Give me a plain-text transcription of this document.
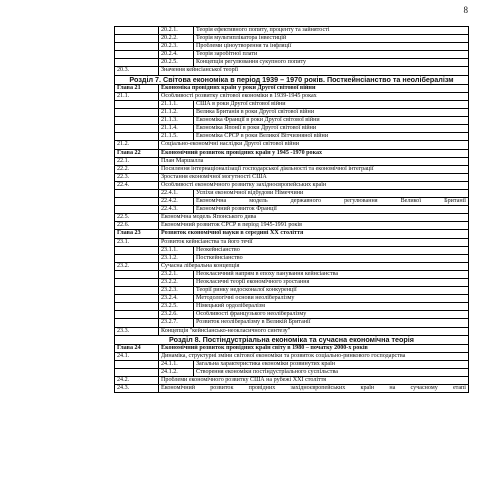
8
	20.2.1.	Теорія ефективного попиту, проценту та зайнятості
	20.2.2.	Теорія мультиплікатора інвестицій
	20.2.3.	Проблеми ціноутворення та інфляції
	20.2.4.	Теорія заробітної плати
	20.2.5.	Концепція регулювання сукупного попиту
20.3.	Значення кейнсіанської теорії	
Розділ 7. Світова економіка в період 1939 – 1970 років. Посткейнсіанство та неолібералізм		
Глава 21	Економіка провідних країн у роки Другої світової війни	
21.1.	Особливості розвитку світової економіки в 1939-1945 роках	
	21.1.1.	США в роки Другої світової війни
	21.1.2.	Велика Британія в роки Другої світової війни
	21.1.3.	Економіка Франції в роки Другої світової війни
	21.1.4.	Економіка Японії в роки Другої світової війни
	21.1.5.	Економіка СРСР в роки Великої Вітчизняної війни
21.2.	Соціально-економічні наслідки Другої світової війни	
Глава 22	Економічний розвиток провідних країн у 1945 -1970 роках	
22.1.	План Маршалла	
22.2.	Посилення інтернаціоналізації господарської діяльності та економічної інтеграції	
22.3.	Зростання економічної могутності США	
22.4.	Особливості економічного розвитку західноєвропейських країн	
	22.4.1.	Успіхи економічної відбудови Німеччини
	22.4.2.	Економічна модель державного регулювання Великої Британії
	22.4.3.	Економічний розвиток Франції
22.5.	Економічна модель Японського дива	
22.6.	Економічний розвиток СРСР в період 1945-1991 років	
Глава 23	Розвиток економічної науки в середині XX століття	
23.1.	Розвиток кейнсіанства та його течії	
	23.1.1.	Неокейнсіанство
	23.1.2.	Посткейнсіанство
23.2.	Сучасна ліберальна концепція	
	23.2.1.	Неокласичний напрям в епоху панування кейнсіанства
	23.2.2.	Неокласичні теорії економічного зростання
	23.2.3.	Теорії ринку недосконалої конкуренції
	23.2.4.	Методологічні основи неолібералізму
	23.2.5.	Німецький ордолібералізм
	23.2.6.	Особливості французького неолібералізму
	23.2.7.	Розвиток неолібералізму в Великій Британії
23.3.	Концепція "кейнсіансько-неокласичного синтезу"	
Розділ 8. Постіндустріальна економіка та сучасна економічна теорія		
Глава 24	Економічний розвиток провідних країн світу в 1980 – початку 2000-х років	
24.1.	Динаміка, структурні зміни світової економіки та розвиток соціально-ринкового господарства	
	24.1.1.	Загальна характеристика економіки розвинутих країн
	24.1.2.	Створення економіки постіндустріального суспільства
24.2.	Проблеми економічного розвитку США на рубежі XXI століття	
24.3.	Економічний розвиток провідних західноєвропейських країн на сучасному етапі	
